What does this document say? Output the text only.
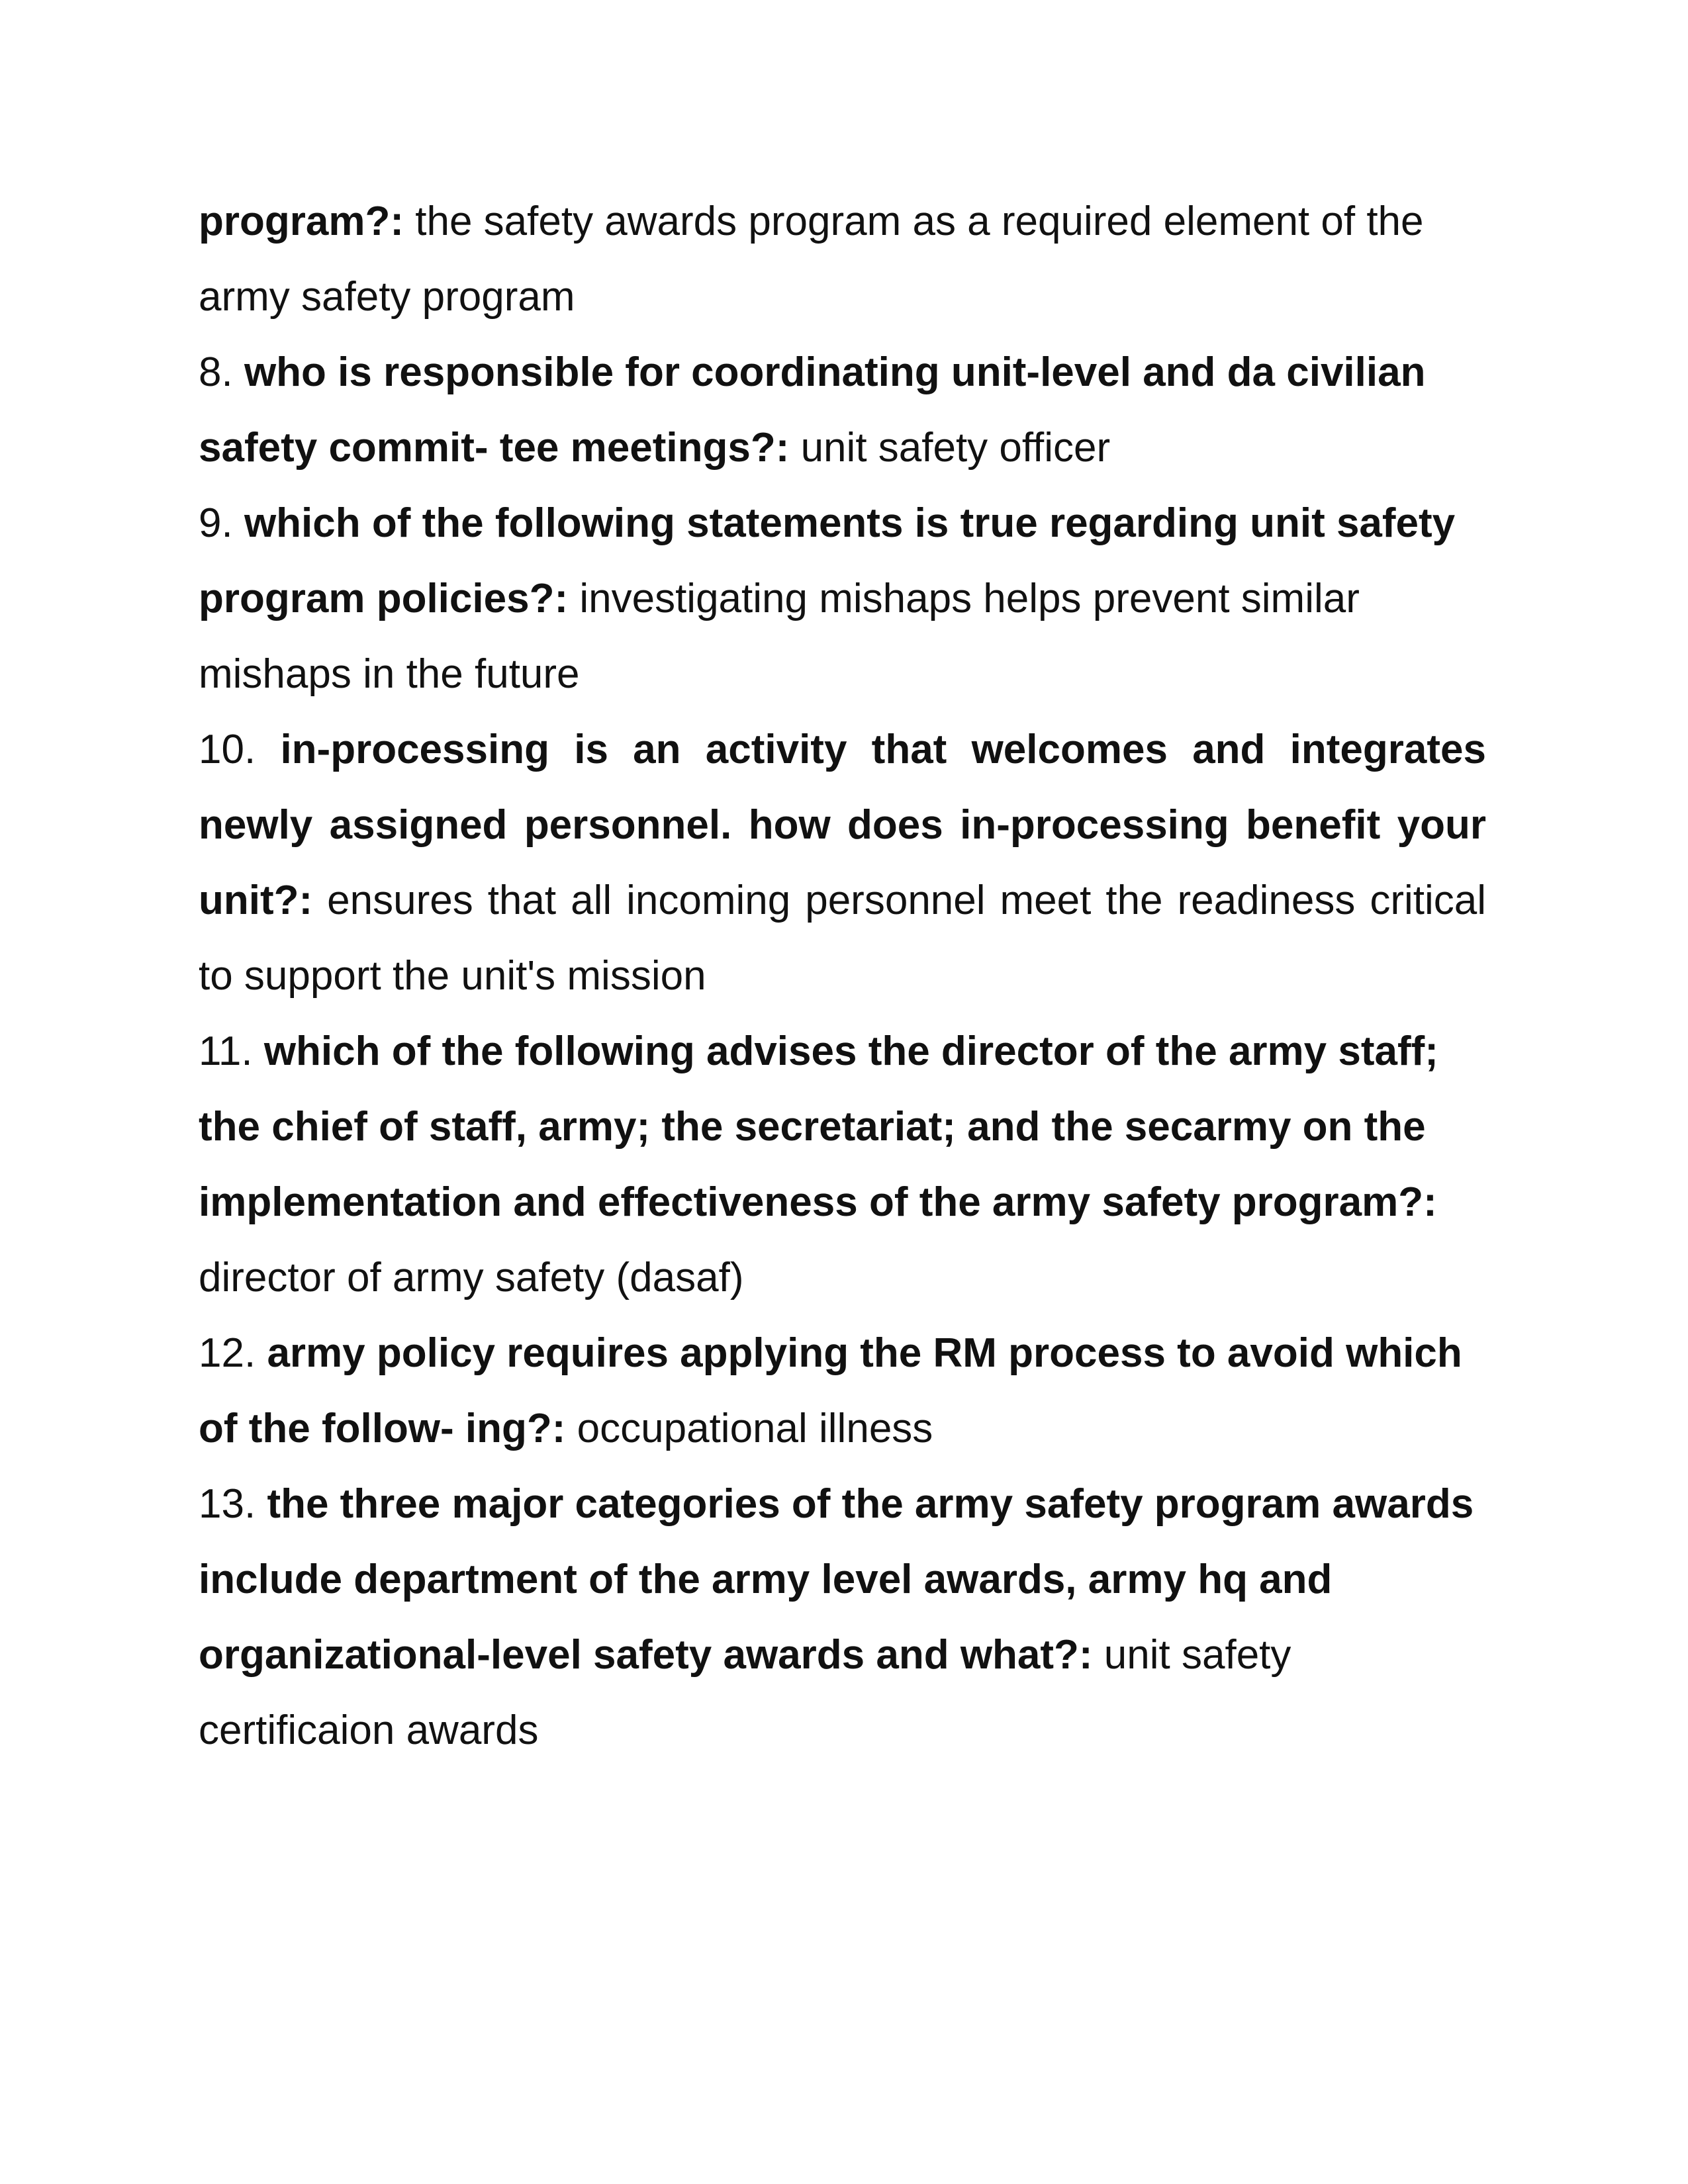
program?: the safety awards program as a required element of the army safety program

8. who is responsible for coordinating unit-level and da civilian safety commit- tee meetings?: unit safety officer

9. which of the following statements is true regarding unit safety program policies?: investigating mishaps helps prevent similar mishaps in the future

10. in-processing is an activity that welcomes and integrates newly assigned personnel. how does in-processing benefit your unit?: ensures that all incoming personnel meet the readiness critical to support the unit's mission

11. which of the following advises the director of the army staff; the chief of staff, army; the secretariat; and the secarmy on the implementation and effectiveness of the army safety program?: director of army safety (dasaf)

12. army policy requires applying the RM process to avoid which of the follow- ing?: occupational illness

13. the three major categories of the army safety program awards include department of the army level awards, army hq and organizational-level safety awards and what?: unit safety certificaion awards
